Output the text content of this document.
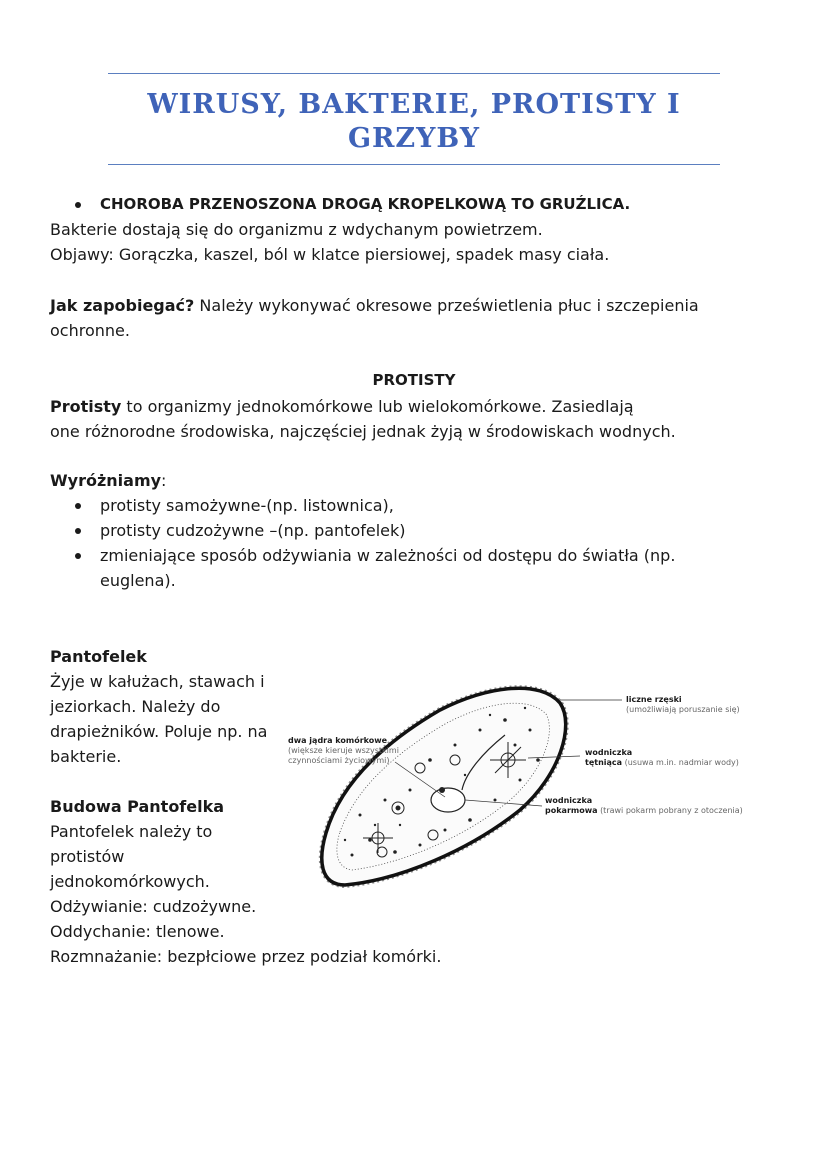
WIRUSY, BAKTERIE, PROTISTY I
GRZYBY
CHOROBA PRZENOSZONA DROGĄ KROPELKOWĄ TO GRUŹLICA.
Bakterie dostają się do organizmu z wdychanym powietrzem.
Objawy: Gorączka, kaszel, ból w klatce piersiowej, spadek masy ciała.
Jak zapobiegać? Należy wykonywać okresowe prześwietlenia płuc i szczepienia
ochronne.
PROTISTY
Protisty to organizmy jednokomórkowe lub wielokomórkowe. Zasiedlają
one różnorodne środowiska, najczęściej jednak żyją w środowiskach wodnych.
Wyróżniamy:
protisty samożywne-(np. listownica),
protisty cudzożywne –(np. pantofelek)
zmieniające sposób odżywiania w zależności od dostępu do światła (np.
euglena).
Pantofelek
Żyje w kałużach, stawach i
jeziorkach. Należy do
drapieżników. Poluje np. na
bakterie.
Budowa Pantofelka
Pantofelek należy to
protistów
jednokomórkowych.
Odżywianie: cudzożywne.
Oddychanie: tlenowe.
Rozmnażanie: bezpłciowe przez podział komórki.
liczne rzęski
(umożliwiają poruszanie się)
dwa jądra komórkowe
(większe kieruje wszystkimi
czynnościami życiowymi)
wodniczka
tętniąca (usuwa m.in. nadmiar wody)
wodniczka
pokarmowa (trawi pokarm pobrany z otoczenia)
